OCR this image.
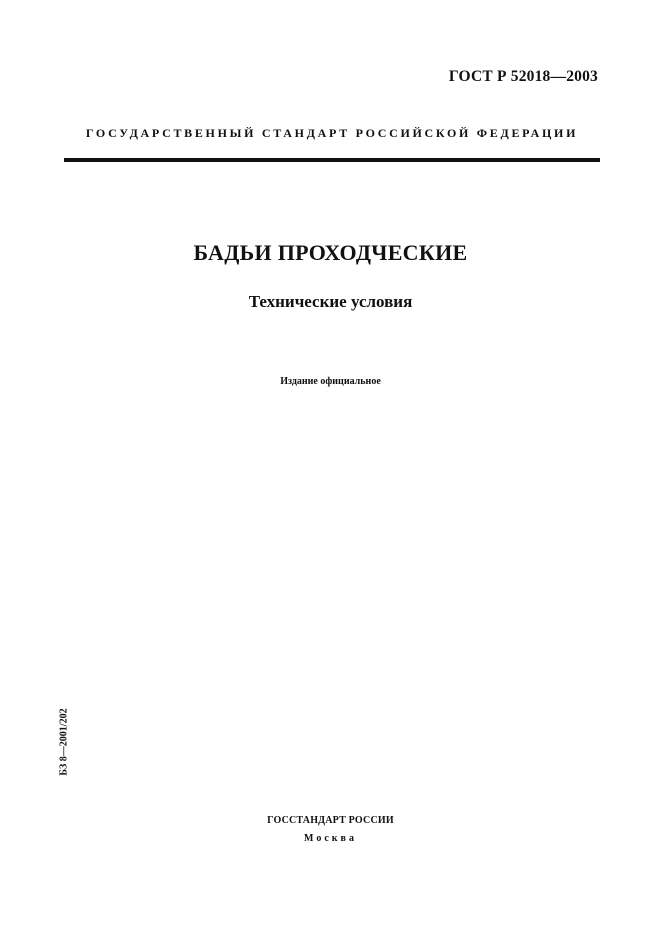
ГОСТ Р 52018—2003
ГОСУДАРСТВЕННЫЙ СТАНДАРТ РОССИЙСКОЙ ФЕДЕРАЦИИ
БАДЬИ ПРОХОДЧЕСКИЕ
Технические условия
Издание официальное
БЗ 8—2001/202
ГОССТАНДАРТ РОССИИ
Москва
